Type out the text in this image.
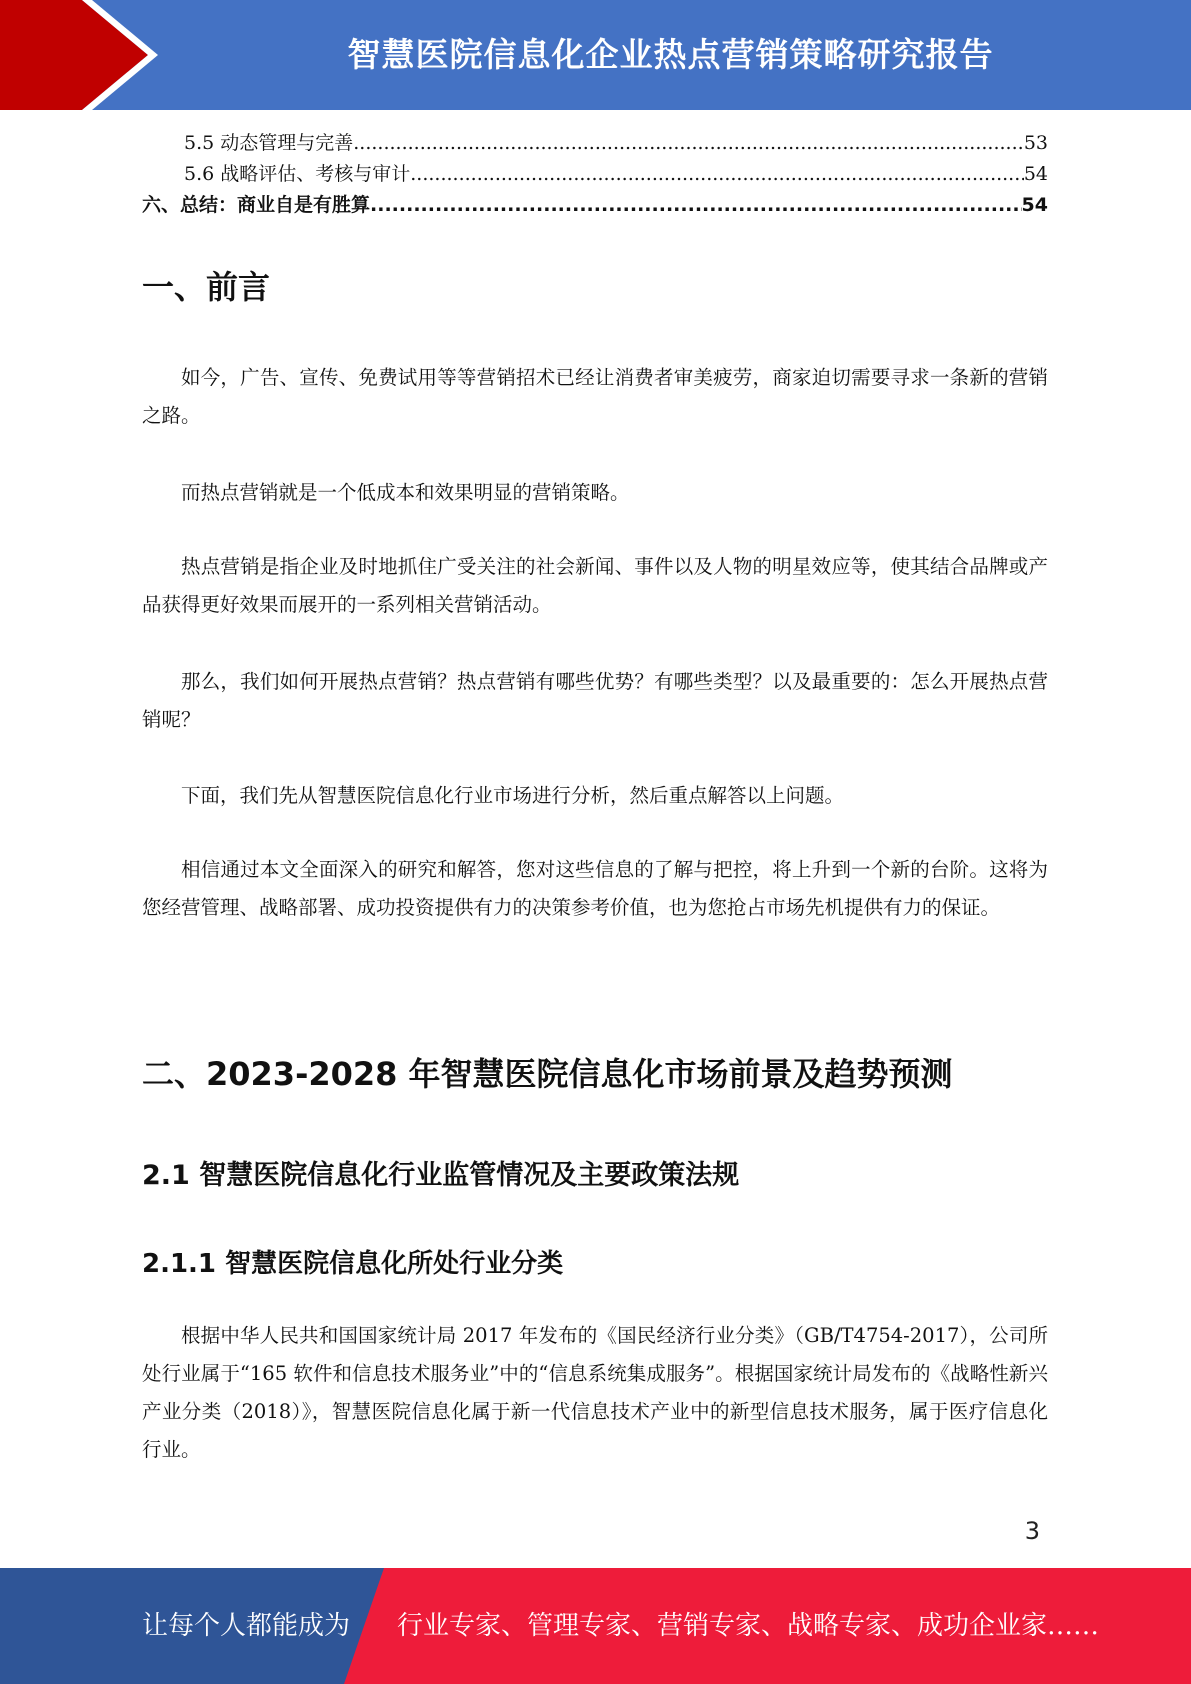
智慧医院信息化企业热点营销策略研究报告
5.5 动态管理与完善 .....	53
5.6 战略评估、考核与审计 .....	54
六、总结：商业自是有胜算 .....	54
一、前言

如今，广告、宣传、免费试用等等营销招术已经让消费者审美疲劳，商家迫切需要寻求一条新的营销之路。

而热点营销就是一个低成本和效果明显的营销策略。

热点营销是指企业及时地抓住广受关注的社会新闻、事件以及人物的明星效应等，使其结合品牌或产品获得更好效果而展开的一系列相关营销活动。

那么，我们如何开展热点营销？热点营销有哪些优势？有哪些类型？以及最重要的：怎么开展热点营销呢？

下面，我们先从智慧医院信息化行业市场进行分析，然后重点解答以上问题。

相信通过本文全面深入的研究和解答，您对这些信息的了解与把控，将上升到一个新的台阶。这将为您经营管理、战略部署、成功投资提供有力的决策参考价值，也为您抢占市场先机提供有力的保证。

二、2023-2028 年智慧医院信息化市场前景及趋势预测
2.1 智慧医院信息化行业监管情况及主要政策法规
2.1.1 智慧医院信息化所处行业分类

根据中华人民共和国国家统计局 2017 年发布的《国民经济行业分类》（GB/T4754-2017），公司所处行业属于“165 软件和信息技术服务业”中的“信息系统集成服务”。根据国家统计局发布的《战略性新兴产业分类（2018）》，智慧医院信息化属于新一代信息技术产业中的新型信息技术服务，属于医疗信息化行业。

3
让每个人都能成为 行业专家、管理专家、营销专家、战略专家、成功企业家……
